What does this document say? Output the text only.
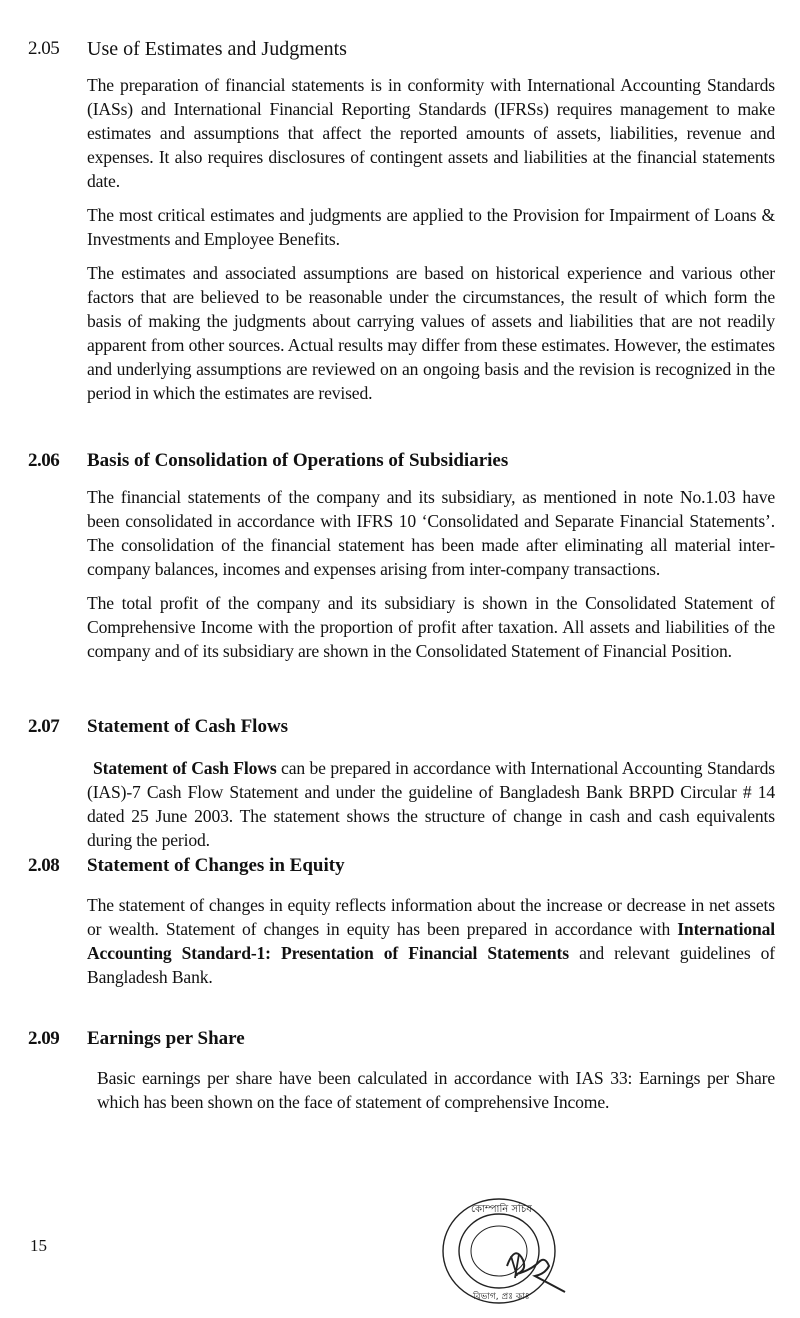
2.05 Use of Estimates and Judgments

The preparation of financial statements is in conformity with International Accounting Standards (IASs) and International Financial Reporting Standards (IFRSs) requires management to make estimates and assumptions that affect the reported amounts of assets, liabilities, revenue and expenses. It also requires disclosures of contingent assets and liabilities at the financial statements date.

The most critical estimates and judgments are applied to the Provision for Impairment of Loans & Investments and Employee Benefits.

The estimates and associated assumptions are based on historical experience and various other factors that are believed to be reasonable under the circumstances, the result of which form the basis of making the judgments about carrying values of assets and liabilities that are not readily apparent from other sources. Actual results may differ from these estimates. However, the estimates and underlying assumptions are reviewed on an ongoing basis and the revision is recognized in the period in which the estimates are revised.

2.06 Basis of Consolidation of Operations of Subsidiaries

The financial statements of the company and its subsidiary, as mentioned in note No.1.03 have been consolidated in accordance with IFRS 10 ‘Consolidated and Separate Financial Statements’. The consolidation of the financial statement has been made after eliminating all material inter-company balances, incomes and expenses arising from inter-company transactions.

The total profit of the company and its subsidiary is shown in the Consolidated Statement of Comprehensive Income with the proportion of profit after taxation. All assets and liabilities of the company and of its subsidiary are shown in the Consolidated Statement of Financial Position.

2.07 Statement of Cash Flows

Statement of Cash Flows can be prepared in accordance with International Accounting Standards (IAS)-7 Cash Flow Statement and under the guideline of Bangladesh Bank BRPD Circular # 14 dated 25 June 2003. The statement shows the structure of change in cash and cash equivalents during the period.

2.08 Statement of Changes in Equity

The statement of changes in equity reflects information about the increase or decrease in net assets or wealth. Statement of changes in equity has been prepared in accordance with International Accounting Standard-1: Presentation of Financial Statements and relevant guidelines of Bangladesh Bank.

2.09 Earnings per Share

Basic earnings per share have been calculated in accordance with IAS 33: Earnings per Share which has been shown on the face of statement of comprehensive Income.

15
কোম্পানি সচিব
বিভাগ, প্রঃ কাঃ
